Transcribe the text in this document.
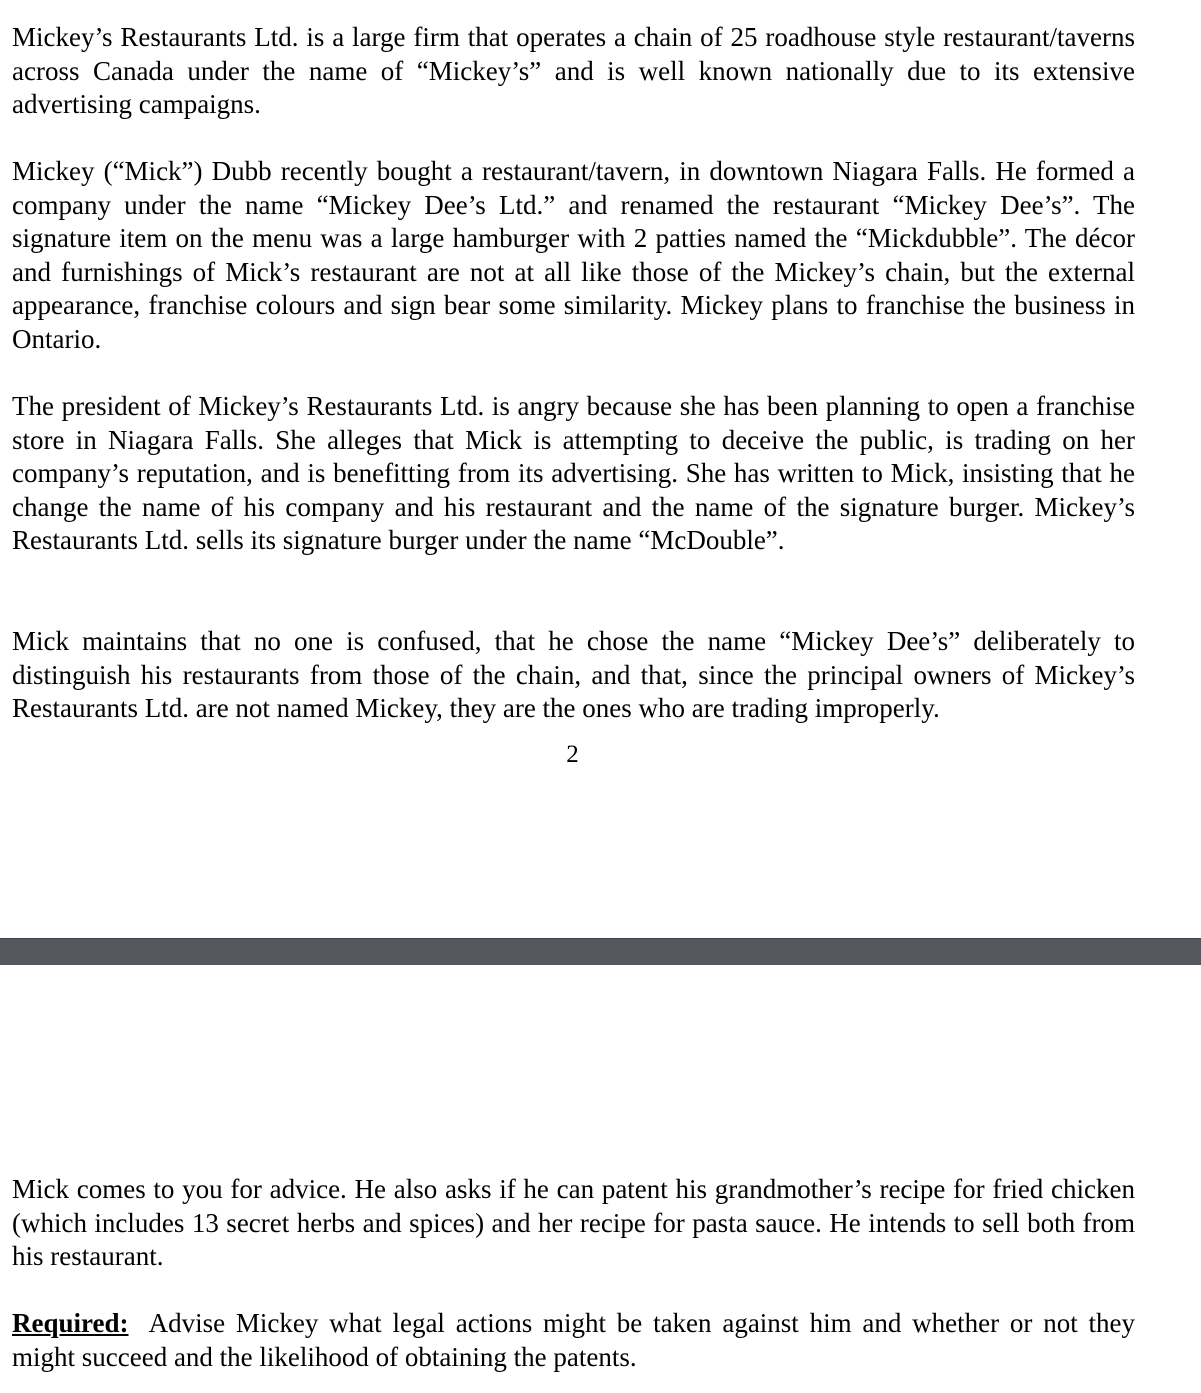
Mickey’s Restaurants Ltd. is a large firm that operates a chain of 25 roadhouse style restaurant/taverns across Canada under the name of “Mickey’s” and is well known nationally due to its extensive advertising campaigns.

Mickey (“Mick”) Dubb recently bought a restaurant/tavern, in downtown Niagara Falls. He formed a company under the name “Mickey Dee’s Ltd.” and renamed the restaurant “Mickey Dee’s”. The signature item on the menu was a large hamburger with 2 patties named the “Mickdubble”. The décor and furnishings of Mick’s restaurant are not at all like those of the Mickey’s chain, but the external appearance, franchise colours and sign bear some similarity. Mickey plans to franchise the business in Ontario.

The president of Mickey’s Restaurants Ltd. is angry because she has been planning to open a franchise store in Niagara Falls. She alleges that Mick is attempting to deceive the public, is trading on her company’s reputation, and is benefitting from its advertising. She has written to Mick, insisting that he change the name of his company and his restaurant and the name of the signature burger. Mickey’s Restaurants Ltd. sells its signature burger under the name “McDouble”.

Mick maintains that no one is confused, that he chose the name “Mickey Dee’s” deliberately to distinguish his restaurants from those of the chain, and that, since the principal owners of Mickey’s Restaurants Ltd. are not named Mickey, they are the ones who are trading improperly.

2

Mick comes to you for advice. He also asks if he can patent his grandmother’s recipe for fried chicken (which includes 13 secret herbs and spices) and her recipe for pasta sauce. He intends to sell both from his restaurant.

Required: Advise Mickey what legal actions might be taken against him and whether or not they might succeed and the likelihood of obtaining the patents.
